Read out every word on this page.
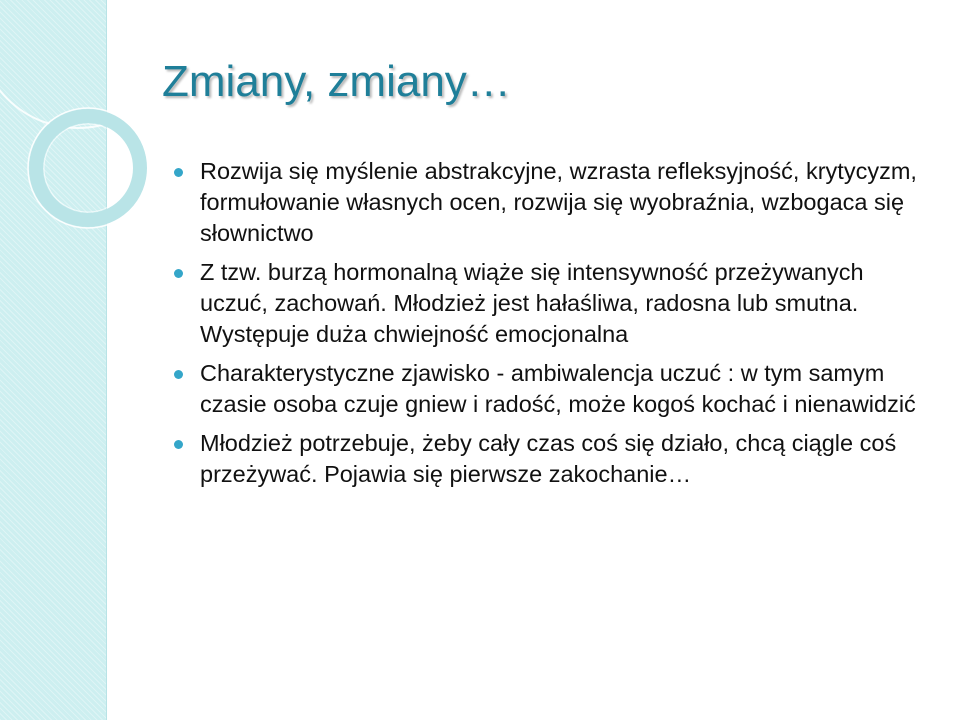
Zmiany, zmiany…
Rozwija się myślenie abstrakcyjne, wzrasta refleksyjność, krytycyzm, formułowanie własnych ocen, rozwija się wyobraźnia, wzbogaca się słownictwo
Z tzw. burzą hormonalną wiąże się intensywność przeżywanych uczuć, zachowań. Młodzież jest hałaśliwa, radosna lub smutna. Występuje duża chwiejność emocjonalna
Charakterystyczne zjawisko - ambiwalencja uczuć : w tym samym czasie osoba czuje gniew i radość, może kogoś kochać i nienawidzić
Młodzież potrzebuje, żeby cały czas coś się działo, chcą ciągle coś przeżywać. Pojawia się pierwsze zakochanie…
